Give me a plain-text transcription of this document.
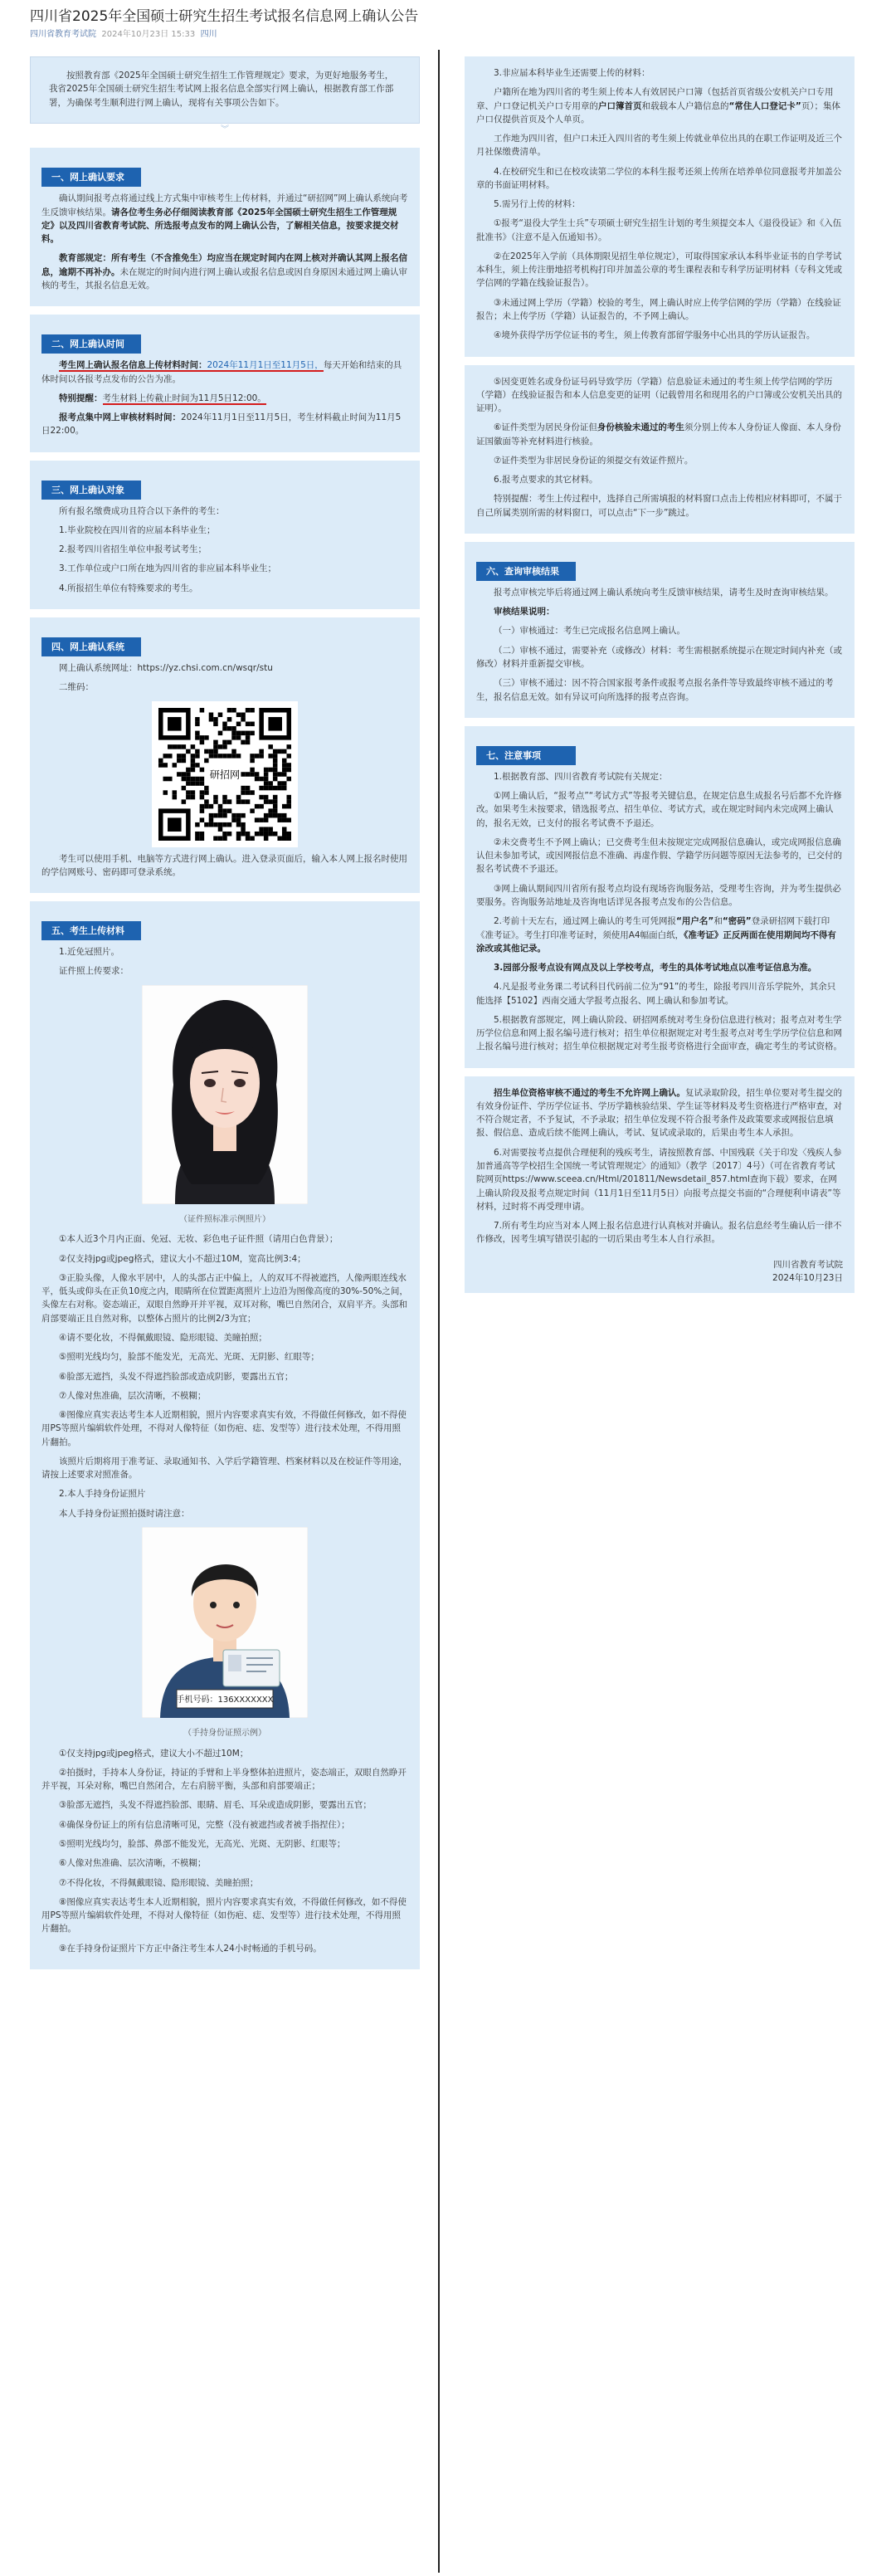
四川省2025年全国硕士研究生招生考试报名信息网上确认公告
四川省教育考试院 2024年10月23日 15:33 四川
按照教育部《2025年全国硕士研究生招生工作管理规定》要求，为更好地服务考生，我省2025年全国硕士研究生招生考试网上报名信息全部实行网上确认，根据教育部工作部署，为确保考生顺利进行网上确认，现将有关事项公告如下。
︾
一、网上确认要求

确认期间报考点将通过线上方式集中审核考生上传材料，并通过“研招网”网上确认系统向考生反馈审核结果。请各位考生务必仔细阅读教育部《2025年全国硕士研究生招生工作管理规定》以及四川省教育考试院、所选报考点发布的网上确认公告，了解相关信息，按要求提交材料。

教育部规定：所有考生（不含推免生）均应当在规定时间内在网上核对并确认其网上报名信息，逾期不再补办。未在规定的时间内进行网上确认或报名信息或因自身原因未通过网上确认审核的考生，其报名信息无效。

二、网上确认时间

考生网上确认报名信息上传材料时间：2024年11月1日至11月5日，每天开始和结束的具体时间以各报考点发布的公告为准。

特别提醒：考生材料上传截止时间为11月5日12:00。

报考点集中网上审核材料时间：2024年11月1日至11月5日，考生材料截止时间为11月5日22:00。

三、网上确认对象

所有报名缴费成功且符合以下条件的考生：

1.毕业院校在四川省的应届本科毕业生；

2.报考四川省招生单位申报考试考生；

3.工作单位或户口所在地为四川省的非应届本科毕业生；

4.所报招生单位有特殊要求的考生。

四、网上确认系统

网上确认系统网址：https://yz.chsi.com.cn/wsqr/stu

二维码：

研招网

考生可以使用手机、电脑等方式进行网上确认。进入登录页面后，输入本人网上报名时使用的学信网账号、密码即可登录系统。

五、考生上传材料

1.近免冠照片。

证件照上传要求：

（证件照标准示例照片）

①本人近3个月内正面、免冠、无妆、彩色电子证件照（请用白色背景）；

②仅支持jpg或jpeg格式，建议大小不超过10M，宽高比例3:4；

③正脸头像，人像水平居中，人的头部占正中偏上，人的双耳不得被遮挡，人像两眼连线水平，低头或仰头在正负10度之内，眼睛所在位置距离照片上边沿为图像高度的30%-50%之间，头像左右对称。姿态端正，双眼自然睁开并平视，双耳对称，嘴巴自然闭合，双肩平齐。头部和肩部要端正且自然对称，以整体占照片的比例2/3为宜；

④请不要化妆，不得佩戴眼镜、隐形眼镜、美瞳拍照；

⑤照明光线均匀，脸部不能发光，无高光、光斑、无阴影、红眼等；

⑥脸部无遮挡，头发不得遮挡脸部或造成阴影，要露出五官；

⑦人像对焦准确，层次清晰，不模糊；

⑧图像应真实表达考生本人近期相貌，照片内容要求真实有效，不得做任何修改，如不得使用PS等照片编辑软件处理，不得对人像特征（如伤疤、痣、发型等）进行技术处理，不得用照片翻拍。

该照片后期将用于准考证、录取通知书、入学后学籍管理、档案材料以及在校证件等用途，请按上述要求对照准备。

2.本人手持身份证照片

本人手持身份证照拍摄时请注意：

手机号码：136XXXXXXX
（手持身份证照示例）

①仅支持jpg或jpeg格式，建议大小不超过10M；

②拍摄时，手持本人身份证，持证的手臂和上半身整体拍进照片，姿态端正，双眼自然睁开并平视，耳朵对称，嘴巴自然闭合，左右肩膀平衡，头部和肩部要端正；

③脸部无遮挡，头发不得遮挡脸部、眼睛、眉毛、耳朵或造成阴影，要露出五官；

④确保身份证上的所有信息清晰可见，完整（没有被遮挡或者被手指捏住）；

⑤照明光线均匀，脸部、鼻部不能发光，无高光、光斑、无阴影、红眼等；

⑥人像对焦准确、层次清晰，不模糊；

⑦不得化妆，不得佩戴眼镜、隐形眼镜、美瞳拍照；

⑧图像应真实表达考生本人近期相貌，照片内容要求真实有效，不得做任何修改，如不得使用PS等照片编辑软件处理，不得对人像特征（如伤疤、痣、发型等）进行技术处理，不得用照片翻拍。

⑨在手持身份证照片下方正中备注考生本人24小时畅通的手机号码。

3.非应届本科毕业生还需要上传的材料：

户籍所在地为四川省的考生须上传本人有效居民户口簿（包括首页省级公安机关户口专用章、户口登记机关户口专用章的户口簿首页和载载本人户籍信息的“常住人口登记卡”页）；集体户口仅提供首页及个人单页。

工作地为四川省，但户口未迁入四川省的考生须上传就业单位出具的在职工作证明及近三个月社保缴费清单。

4.在校研究生和已在校攻读第二学位的本科生报考还须上传所在培养单位同意报考并加盖公章的书面证明材料。

5.需另行上传的材料：

①报考“退役大学生士兵”专项硕士研究生招生计划的考生须提交本人《退役役证》和《入伍批准书》（注意不是入伍通知书）。

②在2025年入学前（具体期限见招生单位规定），可取得国家承认本科毕业证书的自学考试本科生，须上传注册地招考机构打印并加盖公章的考生课程表和专科学历证明材料（专科文凭或学信网的学籍在线验证报告）。

③未通过网上学历（学籍）校验的考生，网上确认时应上传学信网的学历（学籍）在线验证报告；未上传学历（学籍）认证报告的，不予网上确认。

④境外获得学历学位证书的考生，须上传教育部留学服务中心出具的学历认证报告。

⑤因变更姓名或身份证号码导致学历（学籍）信息验证未通过的考生须上传学信网的学历（学籍）在线验证报告和本人信息变更的证明（记载曾用名和现用名的户口簿或公安机关出具的证明）。

⑥证件类型为居民身份证但身份核验未通过的考生须分别上传本人身份证人像面、本人身份证国徽面等补充材料进行核验。

⑦证件类型为非居民身份证的须提交有效证件照片。

6.报考点要求的其它材料。

特别提醒：考生上传过程中，选择自己所需填报的材料窗口点击上传相应材料即可，不属于自己所属类别所需的材料窗口，可以点击“下一步”跳过。

六、查询审核结果

报考点审核完毕后将通过网上确认系统向考生反馈审核结果，请考生及时查询审核结果。

审核结果说明：

（一）审核通过：考生已完成报名信息网上确认。

（二）审核不通过，需要补充（或修改）材料：考生需根据系统提示在规定时间内补充（或修改）材料并重新提交审核。

（三）审核不通过：因不符合国家报考条件或报考点报名条件等导致最终审核不通过的考生，报名信息无效。如有异议可向所选择的报考点咨询。

七、注意事项

1.根据教育部、四川省教育考试院有关规定：

①网上确认后，“报考点”“考试方式”等报考关键信息，在规定信息生成报名号后都不允许修改。如果考生未按要求，错选报考点、招生单位、考试方式，或在规定时间内未完成网上确认的，报名无效，已支付的报名考试费不予退还。

②未交费考生不予网上确认；已交费考生但未按规定完成网报信息确认，或完成网报信息确认但未参加考试，或因网报信息不准确、再虚作假、学籍学历问题等原因无法参考的，已交付的报名考试费不予退还。

③网上确认期间四川省所有报考点均设有现场咨询服务站，受理考生咨询，并为考生提供必要服务。咨询服务站地址及咨询电话详见各报考点发布的公告信息。

2.考前十天左右，通过网上确认的考生可凭网报“用户名”和“密码”登录研招网下载打印《准考证》。考生打印准考证时，须使用A4幅面白纸，《准考证》正反两面在使用期间均不得有涂改或其他记录。

3.园部分报考点设有网点及以上学校考点，考生的具体考试地点以准考证信息为准。

4.凡是报考业务课二考试科目代码前二位为“91”的考生，除报考四川音乐学院外，其余只能选择【5102】西南交通大学报考点报名、网上确认和参加考试。

5.根据教育部规定，网上确认阶段、研招网系统对考生身份信息进行核对；报考点对考生学历学位信息和网上报名编号进行核对；招生单位根据规定对考生报考点对考生学历学位信息和网上报名编号进行核对；招生单位根据规定对考生报考资格进行全面审查，确定考生的考试资格。

招生单位资格审核不通过的考生不允许网上确认。复试录取阶段，招生单位要对考生提交的有效身份证件、学历学位证书、学历学籍核验结果、学生证等材料及考生资格进行严格审查，对不符合规定者，不予复试，不予录取；招生单位发现不符合报考条件及政策要求或网报信息填报、假信息、造成后续不能网上确认，考试、复试或录取的，后果由考生本人承担。

6.对需要按考点提供合理便利的残疾考生，请按照教育部、中国残联《关于印发〈残疾人参加普通高等学校招生全国统一考试管理规定〉的通知》（教学〔2017〕4号）（可在省教育考试院网页https://www.sceea.cn/Html/201811/Newsdetail_857.html查询下载）要求，在网上确认阶段及报考点规定时间（11月1日至11月5日）向报考点提交书面的“合理便利申请表”等材料，过时将不再受理申请。

7.所有考生均应当对本人网上报名信息进行认真核对并确认。报名信息经考生确认后一律不作修改，因考生填写错误引起的一切后果由考生本人自行承担。

四川省教育考试院
2024年10月23日
